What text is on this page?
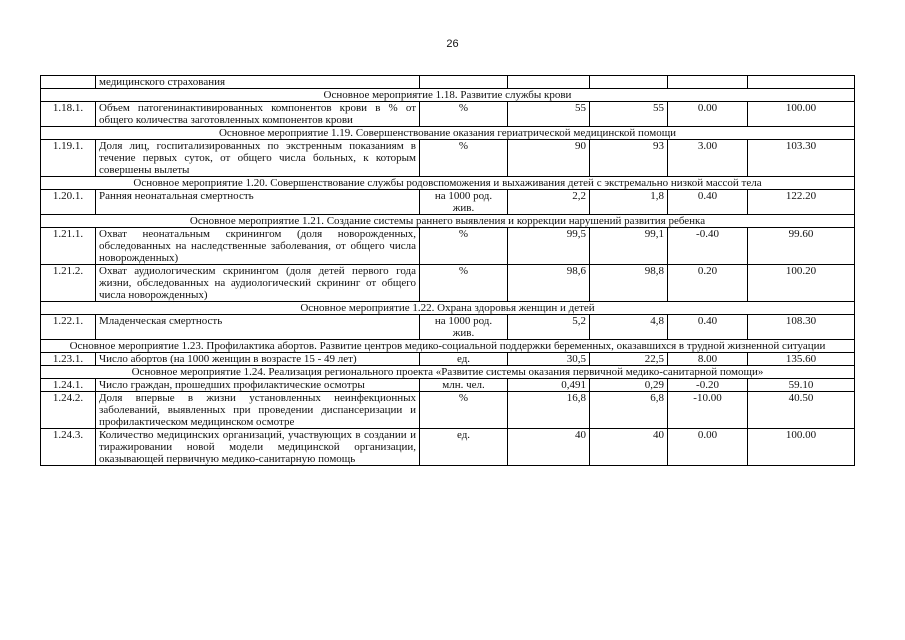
26
	медицинского страхования					
Основное мероприятие 1.18. Развитие службы крови						
1.18.1.	Объем патогенинактивированных компонентов крови в % от общего количества заготовленных компонентов крови	%	55	55	0.00	100.00
Основное мероприятие 1.19. Совершенствование оказания гериатрической медицинской помощи						
1.19.1.	Доля лиц, госпитализированных по экстренным показаниям в течение первых суток, от общего числа больных, к которым совершены вылеты	%	90	93	3.00	103.30
Основное мероприятие 1.20. Совершенствование службы родовспоможения и выхаживания детей с экстремально низкой массой тела						
1.20.1.	Ранняя неонатальная смертность	на 1000 род. жив.	2,2	1,8	0.40	122.20
Основное мероприятие 1.21. Создание системы раннего выявления и коррекции нарушений развития ребенка						
1.21.1.	Охват неонатальным скринингом (доля новорожденных, обследованных на наследственные заболевания, от общего числа новорожденных)	%	99,5	99,1	-0.40	99.60
1.21.2.	Охват аудиологическим скринингом (доля детей первого года жизни, обследованных на аудиологический скрининг от общего числа новорожденных)	%	98,6	98,8	0.20	100.20
Основное мероприятие 1.22. Охрана здоровья женщин и детей						
1.22.1.	Младенческая смертность	на 1000 род. жив.	5,2	4,8	0.40	108.30
Основное мероприятие 1.23. Профилактика абортов. Развитие центров медико-социальной поддержки беременных, оказавшихся в трудной жизненной ситуации						
1.23.1.	Число абортов (на 1000 женщин в возрасте 15 - 49 лет)	ед.	30,5	22,5	8.00	135.60
Основное мероприятие 1.24. Реализация регионального проекта «Развитие системы оказания первичной медико-санитарной помощи»						
1.24.1.	Число граждан, прошедших профилактические осмотры	млн. чел.	0,491	0,29	-0.20	59.10
1.24.2.	Доля впервые в жизни установленных неинфекционных заболеваний, выявленных при проведении диспансеризации и профилактическом медицинском осмотре	%	16,8	6,8	-10.00	40.50
1.24.3.	Количество медицинских организаций, участвующих в создании и тиражировании новой модели медицинской организации, оказывающей первичную медико-санитарную помощь	ед.	40	40	0.00	100.00
